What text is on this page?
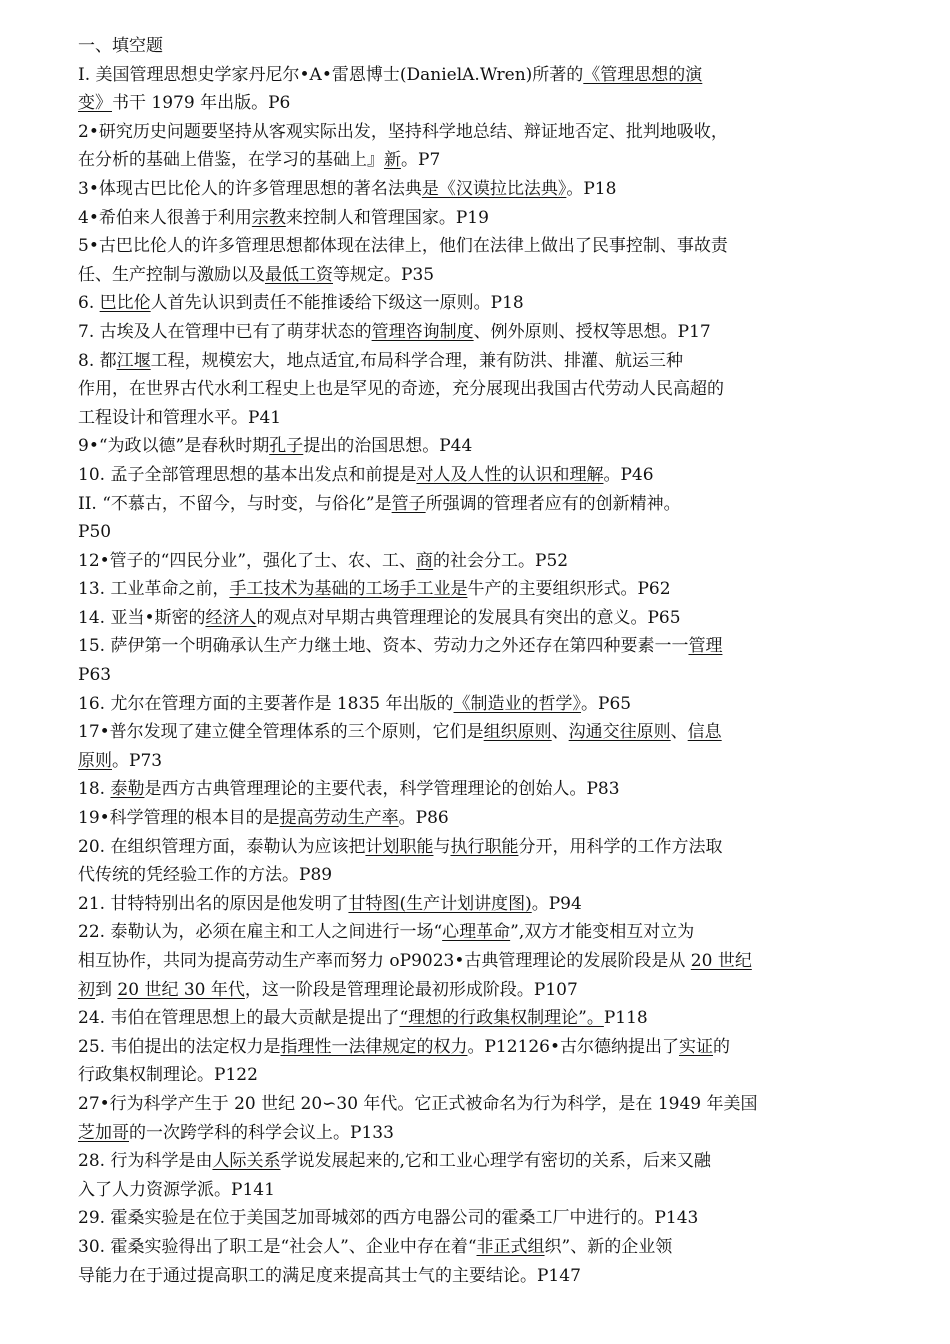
一、填空题
I. 美国管理思想史学家丹尼尔•A•雷恩博士(DanielA.Wren)所著的《管理思想的演
变》书干 1979 年出版。P6
2•研究历史问题要坚持从客观实际出发，坚持科学地总结、辩证地否定、批判地吸收，
在分析的基础上借鉴，在学习的基础上』新。P7
3•体现古巴比伦人的许多管理思想的著名法典是《汉谟拉比法典》。P18
4•希伯来人很善于利用宗教来控制人和管理国家。P19
5•古巴比伦人的许多管理思想都体现在法律上，他们在法律上做出了民事控制、事故责
任、生产控制与激励以及最低工资等规定。P35
6. 巴比伦人首先认识到责任不能推诿给下级这一原则。P18
7. 古埃及人在管理中已有了萌芽状态的管理咨询制度、例外原则、授权等思想。P17
8. 都江堰工程，规模宏大，地点适宜,布局科学合理，兼有防洪、排灌、航运三种
作用，在世界古代水利工程史上也是罕见的奇迹，充分展现出我国古代劳动人民高超的
工程设计和管理水平。P41
9•“为政以德”是春秋时期孔子提出的治国思想。P44
10. 孟子全部管理思想的基本出发点和前提是对人及人性的认识和理解。P46
II. “不慕古，不留今，与时变，与俗化”是管子所强调的管理者应有的创新精神。
P50
12•管子的“四民分业”，强化了士、农、工、商的社会分工。P52
13. 工业革命之前，手工技术为基础的工场手工业是牛产的主要组织形式。P62
14. 亚当•斯密的经济人的观点对早期古典管理理论的发展具有突出的意义。P65
15. 萨伊第一个明确承认生产力继土地、资本、劳动力之外还存在第四种要素一一管理
P63
16. 尤尔在管理方面的主要著作是 1835 年出版的《制造业的哲学》。P65
17•普尔发现了建立健全管理体系的三个原则，它们是组织原则、沟通交往原则、信息
原则。P73
18. 泰勒是西方古典管理理论的主要代表，科学管理理论的创始人。P83
19•科学管理的根本目的是提高劳动生产率。P86
20. 在组织管理方面，泰勒认为应该把计划职能与执行职能分开，用科学的工作方法取
代传统的凭经验工作的方法。P89
21. 甘特特别出名的原因是他发明了甘特图(生产计划讲度图)。P94
22. 泰勒认为，必须在雇主和工人之间进行一场“心理革命”,双方才能变相互对立为
相互协作，共同为提高劳动生产率而努力 oP9023•古典管理理论的发展阶段是从 20 世纪
初到 20 世纪 30 年代，这一阶段是管理理论最初形成阶段。P107
24. 韦伯在管理思想上的最大贡献是提出了“理想的行政集权制理论”。P118
25. 韦伯提出的法定权力是指理性一法律规定的权力。P12126•古尔德纳提出了实证的
行政集权制理论。P122
27•行为科学产生于 20 世纪 20∽30 年代。它正式被命名为行为科学，是在 1949 年美国
芝加哥的一次跨学科的科学会议上。P133
28. 行为科学是由人际关系学说发展起来的,它和工业心理学有密切的关系，后来又融
入了人力资源学派。P141
29. 霍桑实验是在位于美国芝加哥城郊的西方电器公司的霍桑工厂中进行的。P143
30. 霍桑实验得出了职工是“社会人”、企业中存在着“非正式组织”、新的企业领
导能力在于通过提高职工的满足度来提高其士气的主要结论。P147
